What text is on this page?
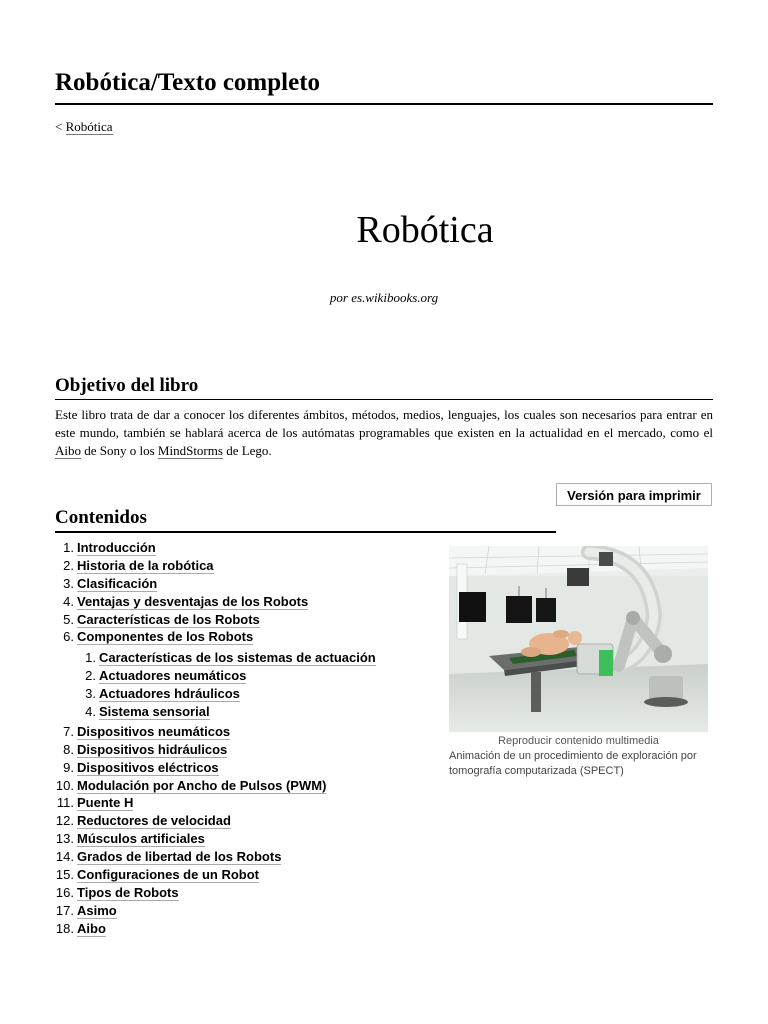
Robótica/Texto completo
< Robótica
Robótica
por es.wikibooks.org
Objetivo del libro

Este libro trata de dar a conocer los diferentes ámbitos, métodos, medios, lenguajes, los cuales son necesarios para entrar en este mundo, también se hablará acerca de los autómatas programables que existen en la actualidad en el mercado, como el Aibo de Sony o los MindStorms de Lego.

Versión para imprimir
Contenidos
1. Introducción
2. Historia de la robótica
3. Clasificación
4. Ventajas y desventajas de los Robots
5. Características de los Robots
6. Componentes de los Robots
1. Características de los sistemas de actuación
2. Actuadores neumáticos
3. Actuadores hdráulicos
4. Sistema sensorial
7. Dispositivos neumáticos
8. Dispositivos hidráulicos
9. Dispositivos eléctricos
10. Modulación por Ancho de Pulsos (PWM)
11. Puente H
12. Reductores de velocidad
13. Músculos artificiales
14. Grados de libertad de los Robots
15. Configuraciones de un Robot
16. Tipos de Robots
17. Asimo
18. Aibo
Reproducir contenido multimedia
Animación de un procedimiento de exploración por tomografía computarizada (SPECT)
